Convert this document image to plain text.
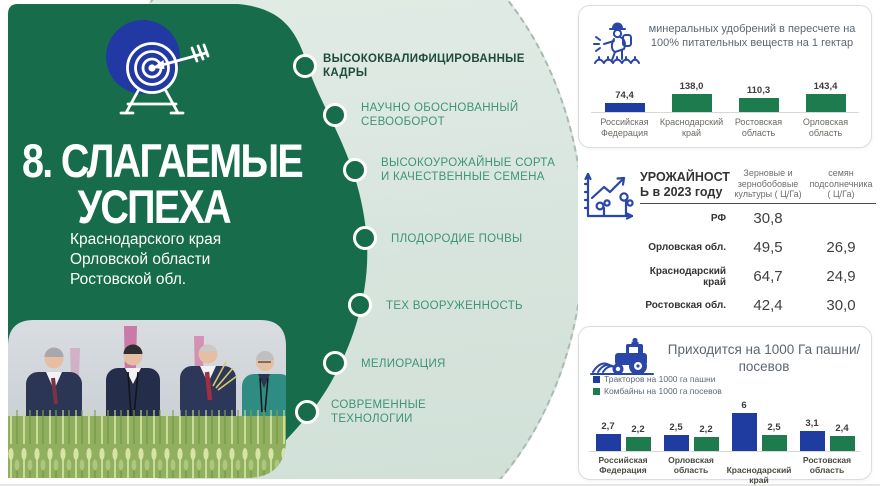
8. СЛАГАЕМЫЕ
УСПЕХА
Краснодарского края
Орловской области
Ростовской обл.
ВЫСОКОКВАЛИФИЦИРОВАННЫЕ КАДРЫ
НАУЧНО ОБОСНОВАННЫЙ СЕВООБОРОТ
ВЫСОКОУРОЖАЙНЫЕ СОРТА И КАЧЕСТВЕННЫЕ СЕМЕНА
ПЛОДОРОДИЕ ПОЧВЫ
ТЕХ ВООРУЖЕННОСТЬ
МЕЛИОРАЦИЯ
СОВРЕМЕННЫЕ ТЕХНОЛОГИИ
минеральных удобрений в пересчете на 100% питательных веществ на 1 гектар
74,4
138,0	110,3	143,4
Российская Федерация
Краснодарский край
Ростовская область
Орловская область
УРОЖАЙНОСТ
Ь в 2023 году
Зерновые и зернобобовые культуры ( Ц/Га)
семян подсолнечника ( Ц/Га)
РФ	30,8
Орловская обл.	49,5	26,9
Краснодарский край	64,7	24,9
Ростовская обл.	42,4	30,0
Приходится на 1000 Га пашни/посевов
Тракторов на 1000 га пашни
Комбайны на 1000 га посевов
2,7 2,2	2,5 2,2
6
2,5	3,1 2,4
Российская Федерация
Орловская область	Краснодарский край
Ростовская область
